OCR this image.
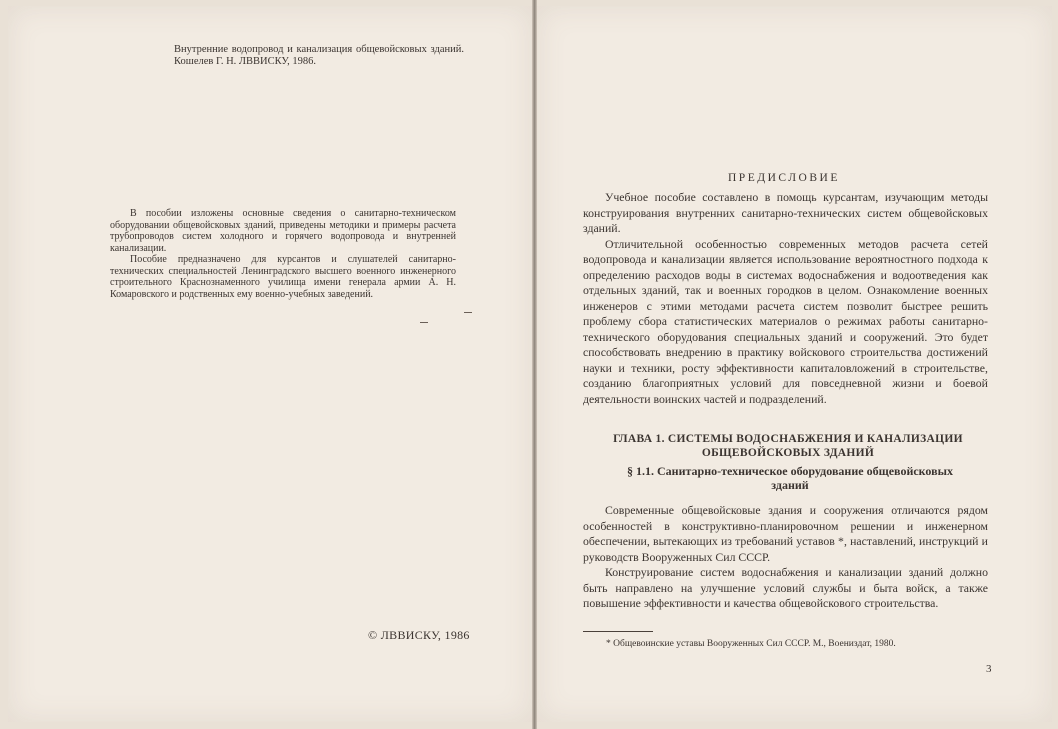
Внутренние водопровод и канализация общевойсковых зданий. Кошелев Г. Н. ЛВВИСКУ, 1986.

В пособии изложены основные сведения о санитарно-техническом оборудовании общевойсковых зданий, приведены методики и примеры расчета трубопроводов систем холодного и горячего водопровода и внутренней канализации.

Пособие предназначено для курсантов и слушателей санитарно-технических специальностей Ленинградского высшего военного инженерного строительного Краснознаменного училища имени генерала армии А. Н. Комаровского и родственных ему военно-учебных заведений.

© ЛВВИСКУ, 1986
ПРЕДИСЛОВИЕ

Учебное пособие составлено в помощь курсантам, изучающим методы конструирования внутренних санитарно-технических систем общевойсковых зданий.

Отличительной особенностью современных методов расчета сетей водопровода и канализации является использование вероятностного подхода к определению расходов воды в системах водоснабжения и водоотведения как отдельных зданий, так и военных городков в целом. Ознакомление военных инженеров с этими методами расчета систем позволит быстрее решить проблему сбора статистических материалов о режимах работы санитарно-технического оборудования специальных зданий и сооружений. Это будет способствовать внедрению в практику войскового строительства достижений науки и техники, росту эффективности капиталовложений в строительстве, созданию благоприятных условий для повседневной жизни и боевой деятельности воинских частей и подразделений.

ГЛАВА 1. СИСТЕМЫ ВОДОСНАБЖЕНИЯ И КАНАЛИЗАЦИИ ОБЩЕВОЙСКОВЫХ ЗДАНИЙ
§ 1.1. Санитарно-техническое оборудование общевойсковых зданий

Современные общевойсковые здания и сооружения отличаются рядом особенностей в конструктивно-планировочном решении и инженерном обеспечении, вытекающих из требований уставов *, наставлений, инструкций и руководств Вооруженных Сил СССР.

Конструирование систем водоснабжения и канализации зданий должно быть направлено на улучшение условий службы и быта войск, а также повышение эффективности и качества общевойскового строительства.

* Общевоинские уставы Вооруженных Сил СССР. М., Воениздат, 1980.
3
